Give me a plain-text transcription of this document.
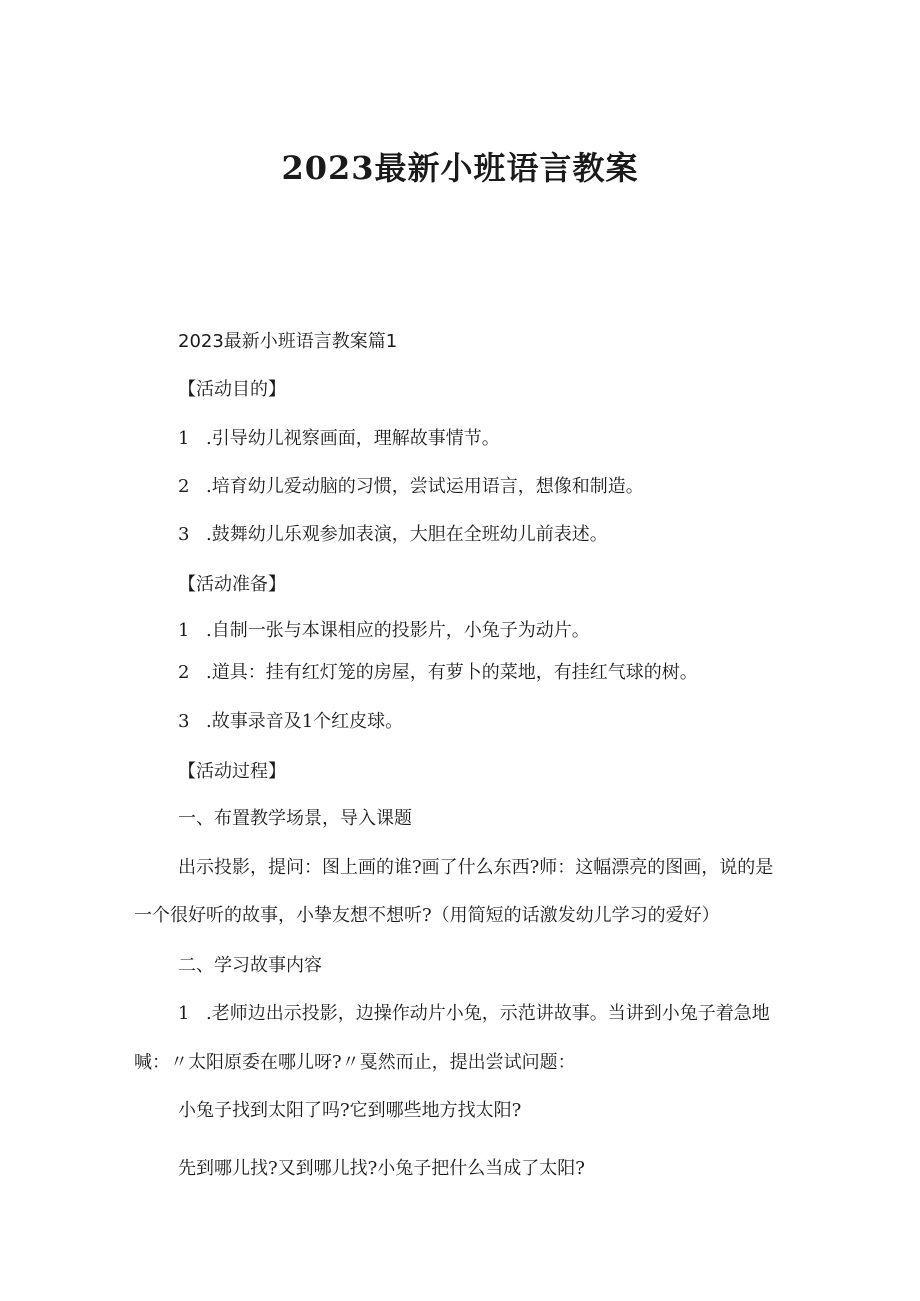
2023最新小班语言教案
2023最新小班语言教案篇1
【活动目的】
1 .引导幼儿视察画面，理解故事情节。
2 .培育幼儿爱动脑的习惯，尝试运用语言，想像和制造。
3 .鼓舞幼儿乐观参加表演，大胆在全班幼儿前表述。
【活动准备】
1 .自制一张与本课相应的投影片，小兔子为动片。
2 .道具：挂有红灯笼的房屋，有萝卜的菜地，有挂红气球的树。
3 .故事录音及1个红皮球。
【活动过程】
一、布置教学场景，导入课题
出示投影，提问：图上画的谁?画了什么东西?师：这幅漂亮的图画，说的是
一个很好听的故事，小挚友想不想听?（用简短的话激发幼儿学习的爱好）
二、学习故事内容
1 .老师边出示投影，边操作动片小兔，示范讲故事。当讲到小兔子着急地
喊：〃太阳原委在哪儿呀?〃戛然而止，提出尝试问题：
小兔子找到太阳了吗?它到哪些地方找太阳?
先到哪儿找?又到哪儿找?小兔子把什么当成了太阳?
